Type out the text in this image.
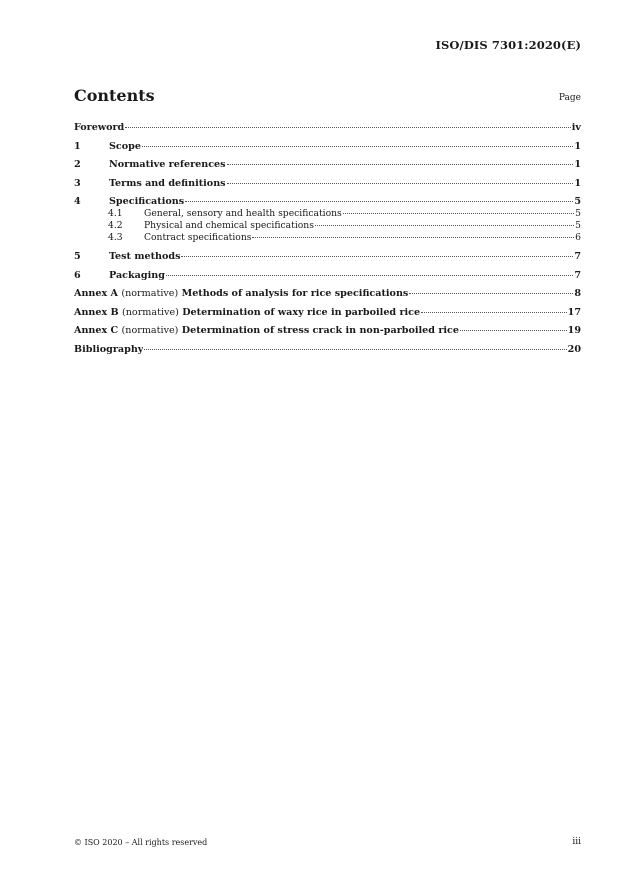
ISO/DIS 7301:2020(E)
Contents	Page
Foreword	iv
1	Scope	1
2	Normative references	1
3	Terms and definitions	1
4	Specifications	5
4.1	General, sensory and health specifications	5
4.2	Physical and chemical specifications	5
4.3	Contract specifications	6
5	Test methods	7
6	Packaging	7
Annex A (normative) Methods of analysis for rice specifications	8
Annex B (normative) Determination of waxy rice in parboiled rice	17
Annex C (normative) Determination of stress crack in non-parboiled rice	19
Bibliography	20
© ISO 2020 – All rights reserved	iii
